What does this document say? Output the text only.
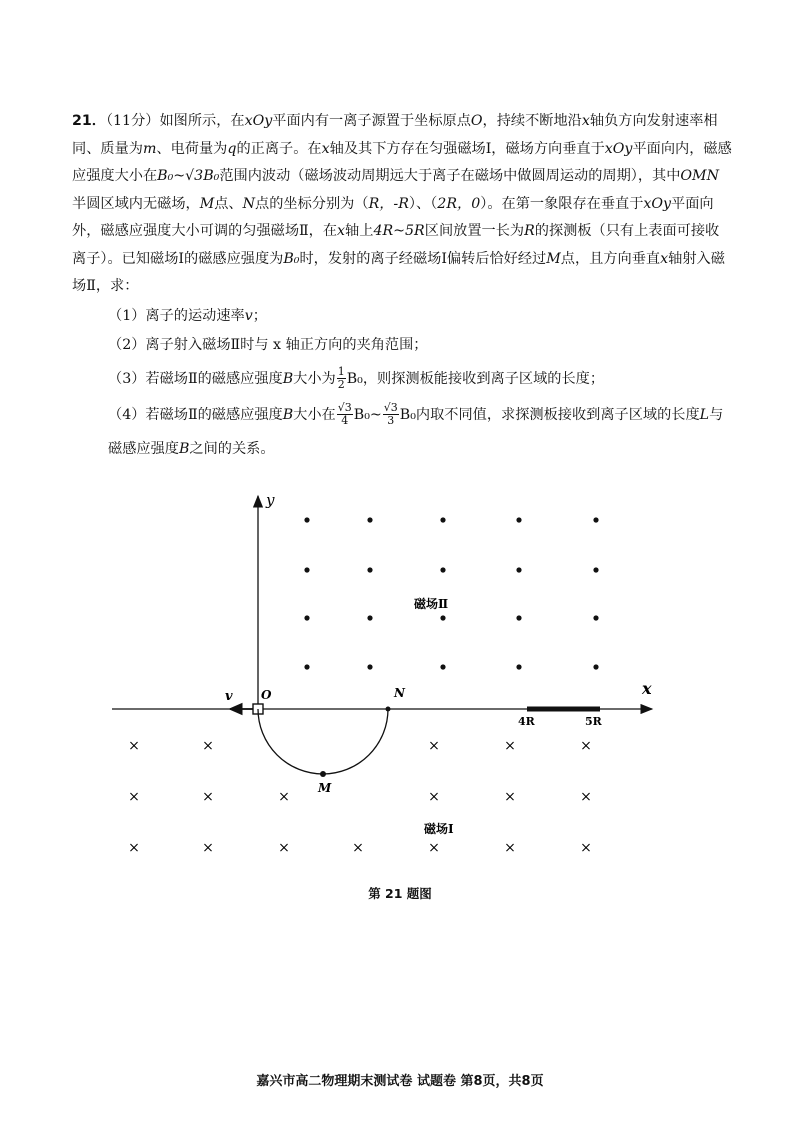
21．（11分）如图所示，在xOy平面内有一离子源置于坐标原点O，持续不断地沿x轴负方向发射速率相同、质量为m、电荷量为q的正离子。在x轴及其下方存在匀强磁场Ⅰ，磁场方向垂直于xOy平面向内，磁感应强度大小在B₀~√3B₀范围内波动（磁场波动周期远大于离子在磁场中做圆周运动的周期），其中OMN半圆区域内无磁场，M点、N点的坐标分别为（R，-R）、（2R，0）。在第一象限存在垂直于xOy平面向外，磁感应强度大小可调的匀强磁场Ⅱ，在x轴上4R~5R区间放置一长为R的探测板（只有上表面可接收离子）。已知磁场Ⅰ的磁感应强度为B₀时，发射的离子经磁场Ⅰ偏转后恰好经过M点，且方向垂直x轴射入磁场Ⅱ，求：

（1）离子的运动速率v；

（2）离子射入磁场Ⅱ时与 x 轴正方向的夹角范围；

（3）若磁场Ⅱ的磁感应强度B大小为 $\frac{1}{2} B_0$，则探测板能接收到离子区域的长度；

（4）若磁场Ⅱ的磁感应强度B大小在 $\frac{√3}{4}$ B₀~ $\frac{√3}{3} B_0$内取不同值，求探测板接收到离子区域的长度L与磁感应强度B之间的关系。

y
x
O	N
M
v
4R	5R
磁场Ⅱ
磁场Ⅰ
×	×	×	×	×
×	×	×	×	×	×
×	×	×	×	×	×	×
第 21 题图
嘉兴市高二物理期末测试卷 试题卷 第8页，共8页
